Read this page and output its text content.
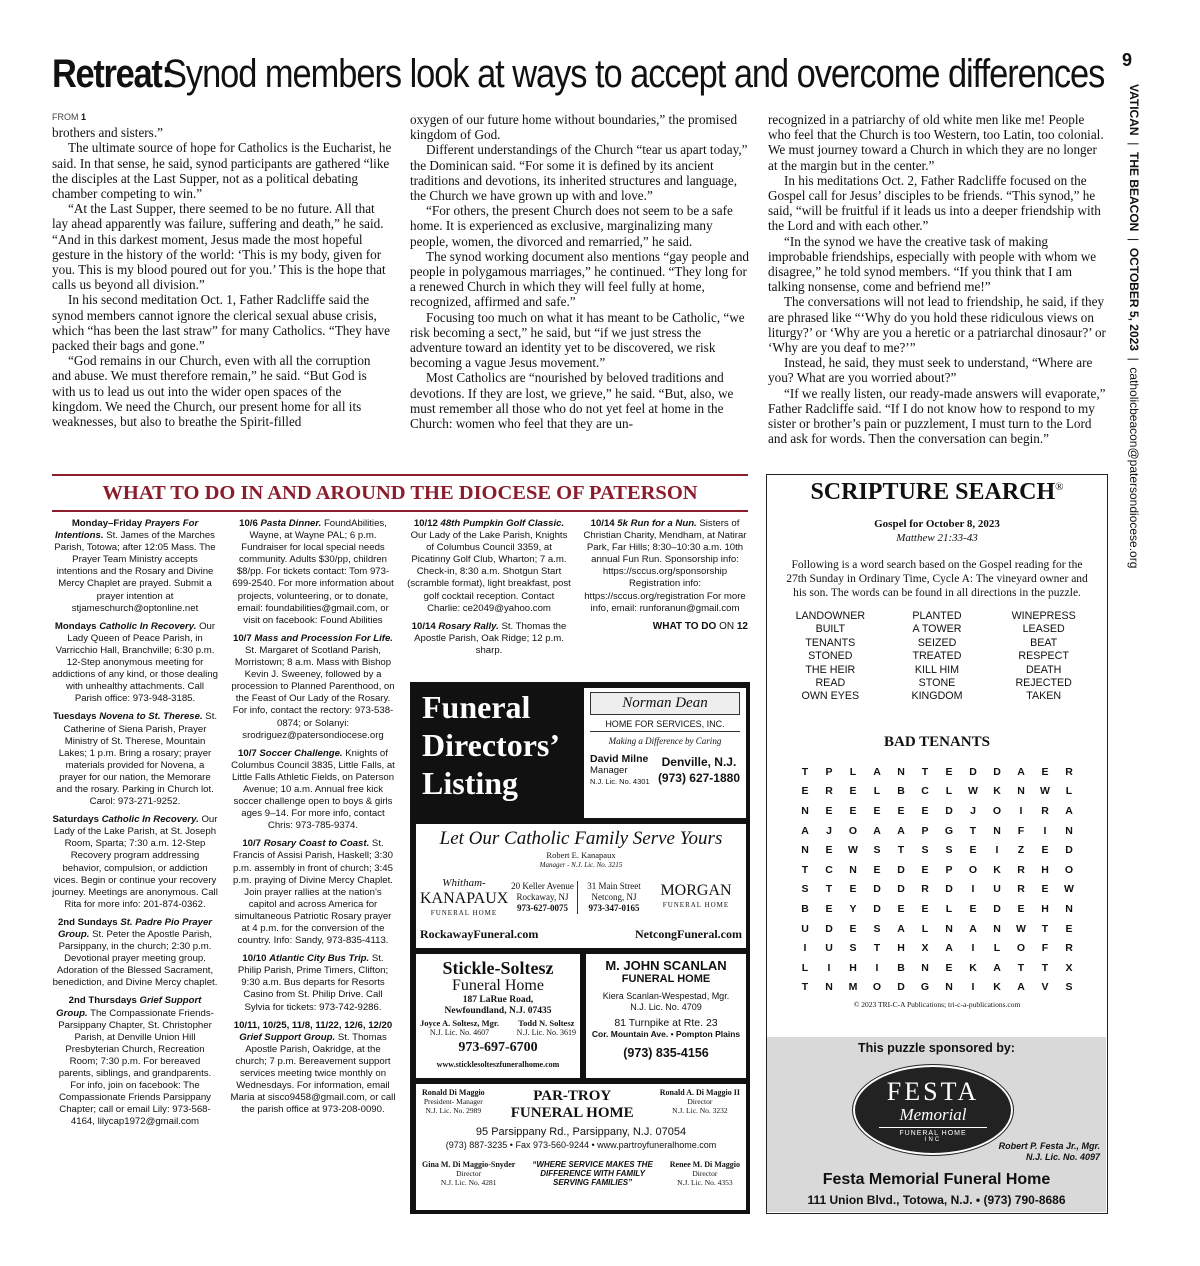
Retreat: Synod members look at ways to accept and overcome differences	9
VATICAN  |  THE BEACON  |  OCTOBER 5, 2023  |  catholicbeacon@patersondiocese.org
FROM 1

brothers and sisters.”

The ultimate source of hope for Catholics is the Eucharist, he said. In that sense, he said, synod participants are gathered “like the disciples at the Last Supper, not as a political debating chamber competing to win.”

“At the Last Supper, there seemed to be no future. All that lay ahead apparently was failure, suffering and death,” he said. “And in this darkest moment, Jesus made the most hopeful gesture in the history of the world: ‘This is my body, given for you. This is my blood poured out for you.’ This is the hope that calls us beyond all division.”

In his second meditation Oct. 1, Father Radcliffe said the synod members cannot ignore the clerical sexual abuse crisis, which “has been the last straw” for many Catholics. “They have packed their bags and gone.”

“God remains in our Church, even with all the corruption and abuse. We must therefore remain,” he said. “But God is with us to lead us out into the wider open spaces of the kingdom. We need the Church, our present home for all its weaknesses, but also to breathe the Spirit-filled

oxygen of our future home without boundaries,” the promised kingdom of God.

Different understandings of the Church “tear us apart today,” the Dominican said. “For some it is defined by its ancient traditions and devotions, its inherited structures and language, the Church we have grown up with and love.”

“For others, the present Church does not seem to be a safe home. It is experienced as exclusive, marginalizing many people, women, the divorced and remarried,” he said.

The synod working document also mentions “gay people and people in polygamous marriages,” he continued. “They long for a renewed Church in which they will feel fully at home, recognized, affirmed and safe.”

Focusing too much on what it has meant to be Catholic, “we risk becoming a sect,” he said, but “if we just stress the adventure toward an identity yet to be discovered, we risk becoming a vague Jesus movement.”

Most Catholics are “nourished by beloved traditions and devotions. If they are lost, we grieve,” he said. “But, also, we must remember all those who do not yet feel at home in the Church: women who feel that they are un-

recognized in a patriarchy of old white men like me! People who feel that the Church is too Western, too Latin, too colonial. We must journey toward a Church in which they are no longer at the margin but in the center.”

In his meditations Oct. 2, Father Radcliffe focused on the Gospel call for Jesus’ disciples to be friends. “This synod,” he said, “will be fruitful if it leads us into a deeper friendship with the Lord and with each other.”

“In the synod we have the creative task of making improbable friendships, especially with people with whom we disagree,” he told synod members. “If you think that I am talking nonsense, come and befriend me!”

The conversations will not lead to friendship, he said, if they are phrased like “‘Why do you hold these ridiculous views on liturgy?’ or ‘Why are you a heretic or a patriarchal dinosaur?’ or ‘Why are you deaf to me?’”

Instead, he said, they must seek to understand, “Where are you? What are you worried about?”

“If we really listen, our ready-made answers will evaporate,” Father Radcliffe said. “If I do not know how to respond to my sister or brother’s pain or puzzlement, I must turn to the Lord and ask for words. Then the conversation can begin.”

WHAT TO DO IN AND AROUND THE DIOCESE OF PATERSON
Monday–Friday Prayers For Intentions. St. James of the Marches Parish, Totowa; after 12:05 Mass. The Prayer Team Ministry accepts intentions and the Rosary and Divine Mercy Chaplet are prayed. Submit a prayer intention at stjameschurch@optonline.net
Mondays Catholic In Recovery. Our Lady Queen of Peace Parish, in Varricchio Hall, Branchville; 6:30 p.m. 12-Step anonymous meeting for addictions of any kind, or those dealing with unhealthy attachments. Call Parish office: 973-948-3185.
Tuesdays Novena to St. Therese. St. Catherine of Siena Parish, Prayer Ministry of St. Therese, Mountain Lakes; 1 p.m. Bring a rosary; prayer materials provided for Novena, a prayer for our nation, the Memorare and the rosary. Parking in Church lot. Carol: 973-271-9252.
Saturdays Catholic In Recovery. Our Lady of the Lake Parish, at St. Joseph Room, Sparta; 7:30 a.m. 12-Step Recovery program addressing behavior, compulsion, or addiction vices. Begin or continue your recovery journey. Meetings are anonymous. Call Rita for more info: 201-874-0362.
2nd Sundays St. Padre Pio Prayer Group. St. Peter the Apostle Parish, Parsippany, in the church; 2:30 p.m. Devotional prayer meeting group. Adoration of the Blessed Sacrament, benediction, and Divine Mercy chaplet.
2nd Thursdays Grief Support Group. The Compassionate Friends-Parsippany Chapter, St. Christopher Parish, at Denville Union Hill Presbyterian Church, Recreation Room; 7:30 p.m. For bereaved parents, siblings, and grandparents. For info, join on facebook: The Compassionate Friends Parsippany Chapter; call or email Lily: 973-568-4164, lilycap1972@gmail.com
10/6 Pasta Dinner. FoundAbilities, Wayne, at Wayne PAL; 6 p.m. Fundraiser for local special needs community. Adults $30/pp, children $8/pp. For tickets contact: Tom 973-699-2540. For more information about projects, volunteering, or to donate, email: foundabilities@gmail.com, or visit on facebook: Found Abilities
10/7 Mass and Procession For Life. St. Margaret of Scotland Parish, Morristown; 8 a.m. Mass with Bishop Kevin J. Sweeney, followed by a procession to Planned Parenthood, on the Feast of Our Lady of the Rosary. For info, contact the rectory: 973-538-0874; or Solanyi: srodriguez@patersondiocese.org
10/7 Soccer Challenge. Knights of Columbus Council 3835, Little Falls, at Little Falls Athletic Fields, on Paterson Avenue; 10 a.m. Annual free kick soccer challenge open to boys & girls ages 9–14. For more info, contact Chris: 973-785-9374.
10/7 Rosary Coast to Coast. St. Francis of Assisi Parish, Haskell; 3:30 p.m. assembly in front of church; 3:45 p.m. praying of Divine Mercy Chaplet. Join prayer rallies at the nation’s capitol and across America for simultaneous Patriotic Rosary prayer at 4 p.m. for the conversion of the country. Info: Sandy, 973-835-4113.
10/10 Atlantic City Bus Trip. St. Philip Parish, Prime Timers, Clifton; 9:30 a.m. Bus departs for Resorts Casino from St. Philip Drive. Call Sylvia for tickets: 973-742-9286.
10/11, 10/25, 11/8, 11/22, 12/6, 12/20 Grief Support Group. St. Thomas Apostle Parish, Oakridge, at the church; 7 p.m. Bereavement support services meeting twice monthly on Wednesdays. For information, email Maria at sisco9458@gmail.com, or call the parish office at 973-208-0090.
10/12 48th Pumpkin Golf Classic. Our Lady of the Lake Parish, Knights of Columbus Council 3359, at Picatinny Golf Club, Wharton; 7 a.m. Check-in, 8:30 a.m. Shotgun Start (scramble format), light breakfast, post golf cocktail reception. Contact Charlie: ce2049@yahoo.com
10/14 Rosary Rally. St. Thomas the Apostle Parish, Oak Ridge; 12 p.m. sharp.
10/14 5k Run for a Nun. Sisters of Christian Charity, Mendham, at Natirar Park, Far Hills; 8:30–10:30 a.m. 10th annual Fun Run. Sponsorship info: https://sccus.org/sponsorship Registration info: https://sccus.org/registration For more info, email: runforanun@gmail.com
WHAT TO DO ON 12
Funeral
Directors’
Listing
Norman Dean
HOME FOR SERVICES, INC.
Making a Difference by Caring
David Milne
Manager
N.J. Lic. No. 4301
Denville, N.J.
(973) 627-1880
Let Our Catholic Family Serve Yours
Robert E. Kanapaux
Manager - N.J. Lic. No. 3215
Whitham-
KANAPAUX
FUNERAL HOME
20 Keller Avenue
Rockaway, NJ
973-627-0075
31 Main Street
Netcong, NJ
973-347-0165
MORGAN
FUNERAL HOME
RockawayFuneral.com	NetcongFuneral.com
Stickle-Soltesz
Funeral Home
187 LaRue Road,
Newfoundland, N.J. 07435
Joyce A. Soltesz, Mgr.
N.J. Lic. No. 4607
Todd N. Soltesz
N.J. Lic. No. 3619
973-697-6700
www.sticklesolteszfuneralhome.com
M. JOHN SCANLAN
FUNERAL HOME
Kiera Scanlan-Wespestad, Mgr.
N.J. Lic. No. 4709
81 Turnpike at Rte. 23
Cor. Mountain Ave. • Pompton Plains
(973) 835-4156
Ronald Di Maggio
President- Manager
N.J. Lic. No. 2989
PAR-TROY
FUNERAL HOME
Ronald A. Di Maggio II
Director
N.J. Lic. No. 3232
95 Parsippany Rd., Parsippany, N.J. 07054
(973) 887-3235 • Fax 973-560-9244 • www.partroyfuneralhome.com
Gina M. Di Maggio-Snyder
Director
N.J. Lic. No. 4281
“WHERE SERVICE MAKES THE DIFFERENCE WITH FAMILY SERVING FAMILIES”
Renee M. Di Maggio
Director
N.J. Lic. No. 4353
SCRIPTURE SEARCH®
Gospel for October 8, 2023
Matthew 21:33-43
Following is a word search based on the Gospel reading for the 27th Sunday in Ordinary Time, Cycle A: The vineyard owner and his son. The words can be found in all directions in the puzzle.
LANDOWNER	PLANTED	WINEPRESS
BUILT	A TOWER	LEASED
TENANTS	SEIZED	BEAT
STONED	TREATED	RESPECT
THE HEIR	KILL HIM	DEATH
READ	STONE	REJECTED
OWN EYES	KINGDOM	TAKEN
BAD TENANTS
T	P	L	A	N	T	E	D	D	A	E	R
E	R	E	L	B	C	L	W	K	N	W	L
N	E	E	E	E	E	D	J	O	I	R	A
A	J	O	A	A	P	G	T	N	F	I	N
N	E	W	S	T	S	S	E	I	Z	E	D
T	C	N	E	D	E	P	O	K	R	H	O
S	T	E	D	D	R	D	I	U	R	E	W
B	E	Y	D	E	E	L	E	D	E	H	N
U	D	E	S	A	L	N	A	N	W	T	E
I	U	S	T	H	X	A	I	L	O	F	R
L	I	H	I	B	N	E	K	A	T	T	X
T	N	M	O	D	G	N	I	K	A	V	S
© 2023 TRI-C-A Publications; tri-c-a-publications.com
This puzzle sponsored by:
FESTA
Memorial
FUNERAL HOME
INC
Robert P. Festa Jr., Mgr.
N.J. Lic. No. 4097
Festa Memorial Funeral Home
111 Union Blvd., Totowa, N.J. • (973) 790-8686
